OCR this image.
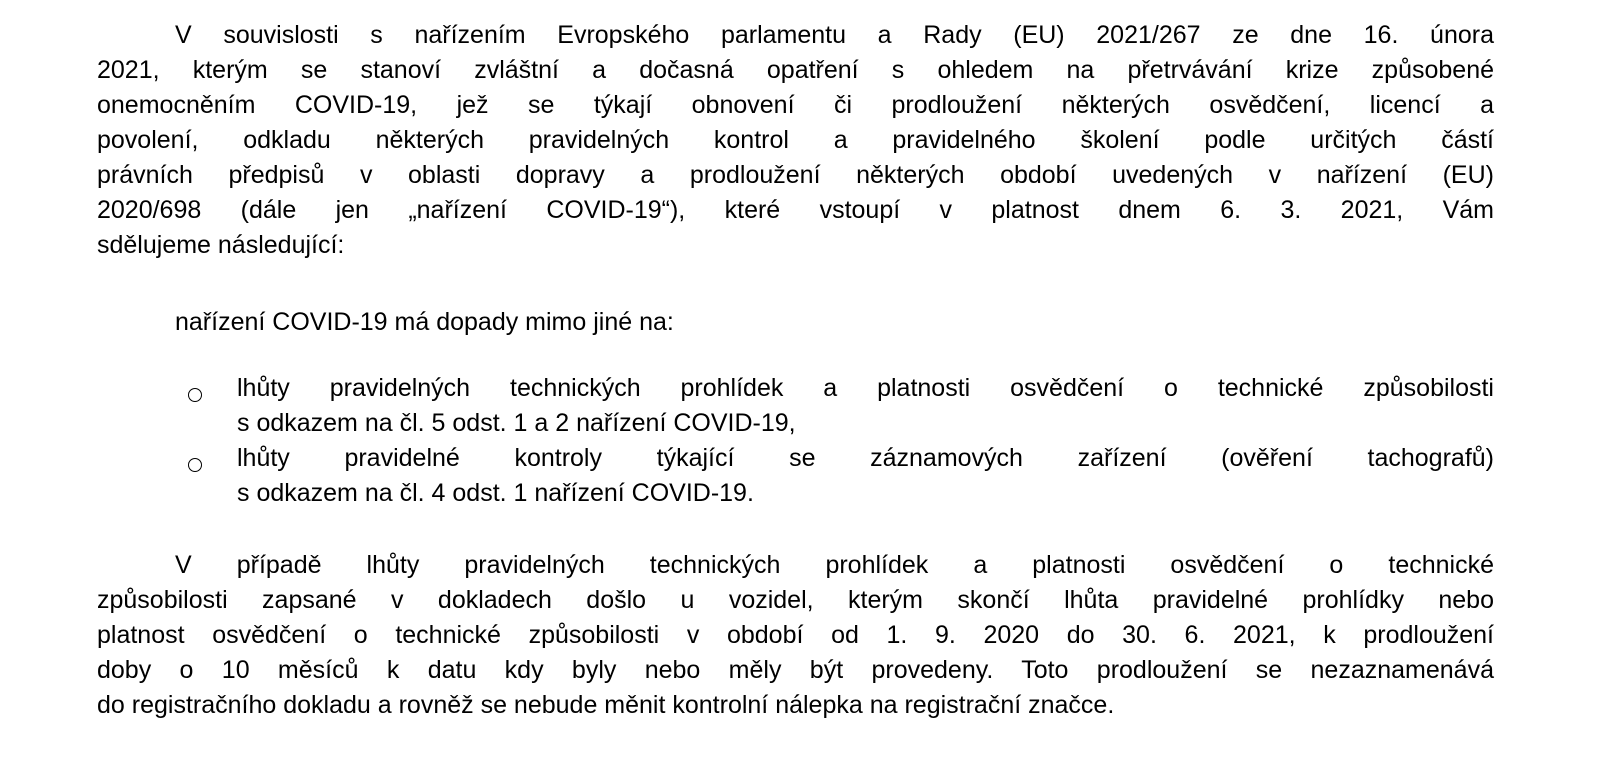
V souvislosti s nařízením Evropského parlamentu a Rady (EU) 2021/267 ze dne 16. února
2021, kterým se stanoví zvláštní a dočasná opatření s ohledem na přetrvávání krize způsobené
onemocněním COVID-19, jež se týkají obnovení či prodloužení některých osvědčení, licencí a
povolení, odkladu některých pravidelných kontrol a pravidelného školení podle určitých částí
právních předpisů v oblasti dopravy a prodloužení některých období uvedených v nařízení (EU)
2020/698 (dále jen „nařízení COVID-19“), které vstoupí v platnost dnem 6. 3. 2021, Vám
sdělujeme následující:
nařízení COVID-19 má dopady mimo jiné na:
lhůty pravidelných technických prohlídek a platnosti osvědčení o technické způsobilosti
s odkazem na čl. 5 odst. 1 a 2 nařízení COVID-19,
lhůty pravidelné kontroly týkající se záznamových zařízení (ověření tachografů)
s odkazem na čl. 4 odst. 1 nařízení COVID-19.
V případě lhůty pravidelných technických prohlídek a platnosti osvědčení o technické
způsobilosti zapsané v dokladech došlo u vozidel, kterým skončí lhůta pravidelné prohlídky nebo
platnost osvědčení o technické způsobilosti v období od 1. 9. 2020 do 30. 6. 2021, k prodloužení
doby o 10 měsíců k datu kdy byly nebo měly být provedeny. Toto prodloužení se nezaznamenává
do registračního dokladu a rovněž se nebude měnit kontrolní nálepka na registrační značce.
